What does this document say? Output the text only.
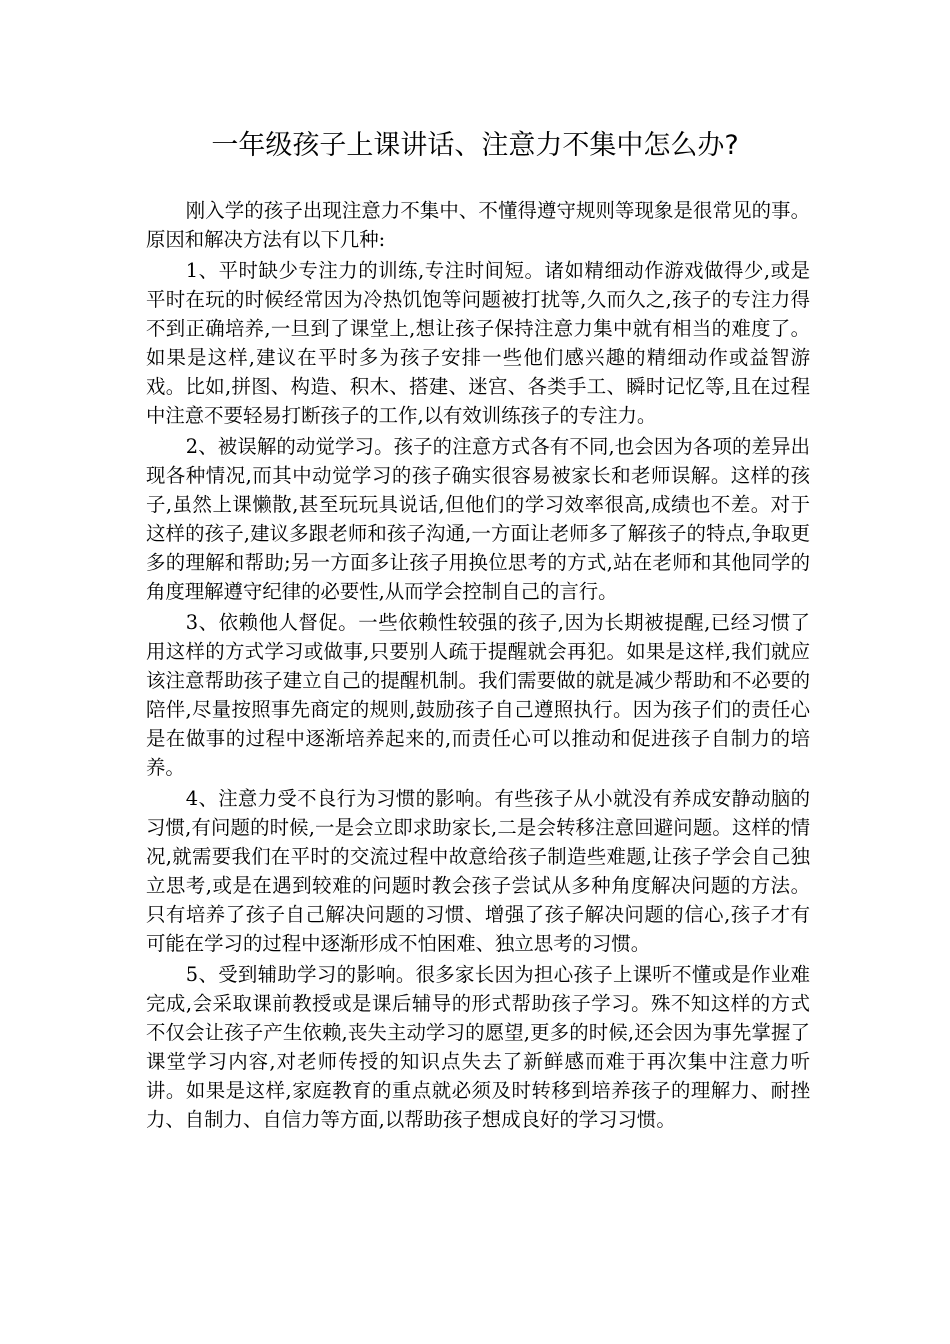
一年级孩子上课讲话、注意力不集中怎么办?

刚入学的孩子出现注意力不集中、不懂得遵守规则等现象是很常见的事。原因和解决方法有以下几种:

1、平时缺少专注力的训练,专注时间短。诸如精细动作游戏做得少,或是平时在玩的时候经常因为冷热饥饱等问题被打扰等,久而久之,孩子的专注力得不到正确培养,一旦到了课堂上,想让孩子保持注意力集中就有相当的难度了。如果是这样,建议在平时多为孩子安排一些他们感兴趣的精细动作或益智游戏。比如,拼图、构造、积木、搭建、迷宫、各类手工、瞬时记忆等,且在过程中注意不要轻易打断孩子的工作,以有效训练孩子的专注力。

2、被误解的动觉学习。孩子的注意方式各有不同,也会因为各项的差异出现各种情况,而其中动觉学习的孩子确实很容易被家长和老师误解。这样的孩子,虽然上课懒散,甚至玩玩具说话,但他们的学习效率很高,成绩也不差。对于这样的孩子,建议多跟老师和孩子沟通,一方面让老师多了解孩子的特点,争取更多的理解和帮助;另一方面多让孩子用换位思考的方式,站在老师和其他同学的角度理解遵守纪律的必要性,从而学会控制自己的言行。

3、依赖他人督促。一些依赖性较强的孩子,因为长期被提醒,已经习惯了用这样的方式学习或做事,只要别人疏于提醒就会再犯。如果是这样,我们就应该注意帮助孩子建立自己的提醒机制。我们需要做的就是减少帮助和不必要的陪伴,尽量按照事先商定的规则,鼓励孩子自己遵照执行。因为孩子们的责任心是在做事的过程中逐渐培养起来的,而责任心可以推动和促进孩子自制力的培养。

4、注意力受不良行为习惯的影响。有些孩子从小就没有养成安静动脑的习惯,有问题的时候,一是会立即求助家长,二是会转移注意回避问题。这样的情况,就需要我们在平时的交流过程中故意给孩子制造些难题,让孩子学会自己独立思考,或是在遇到较难的问题时教会孩子尝试从多种角度解决问题的方法。只有培养了孩子自己解决问题的习惯、增强了孩子解决问题的信心,孩子才有可能在学习的过程中逐渐形成不怕困难、独立思考的习惯。

5、受到辅助学习的影响。很多家长因为担心孩子上课听不懂或是作业难完成,会采取课前教授或是课后辅导的形式帮助孩子学习。殊不知这样的方式不仅会让孩子产生依赖,丧失主动学习的愿望,更多的时候,还会因为事先掌握了课堂学习内容,对老师传授的知识点失去了新鲜感而难于再次集中注意力听讲。如果是这样,家庭教育的重点就必须及时转移到培养孩子的理解力、耐挫力、自制力、自信力等方面,以帮助孩子想成良好的学习习惯。
